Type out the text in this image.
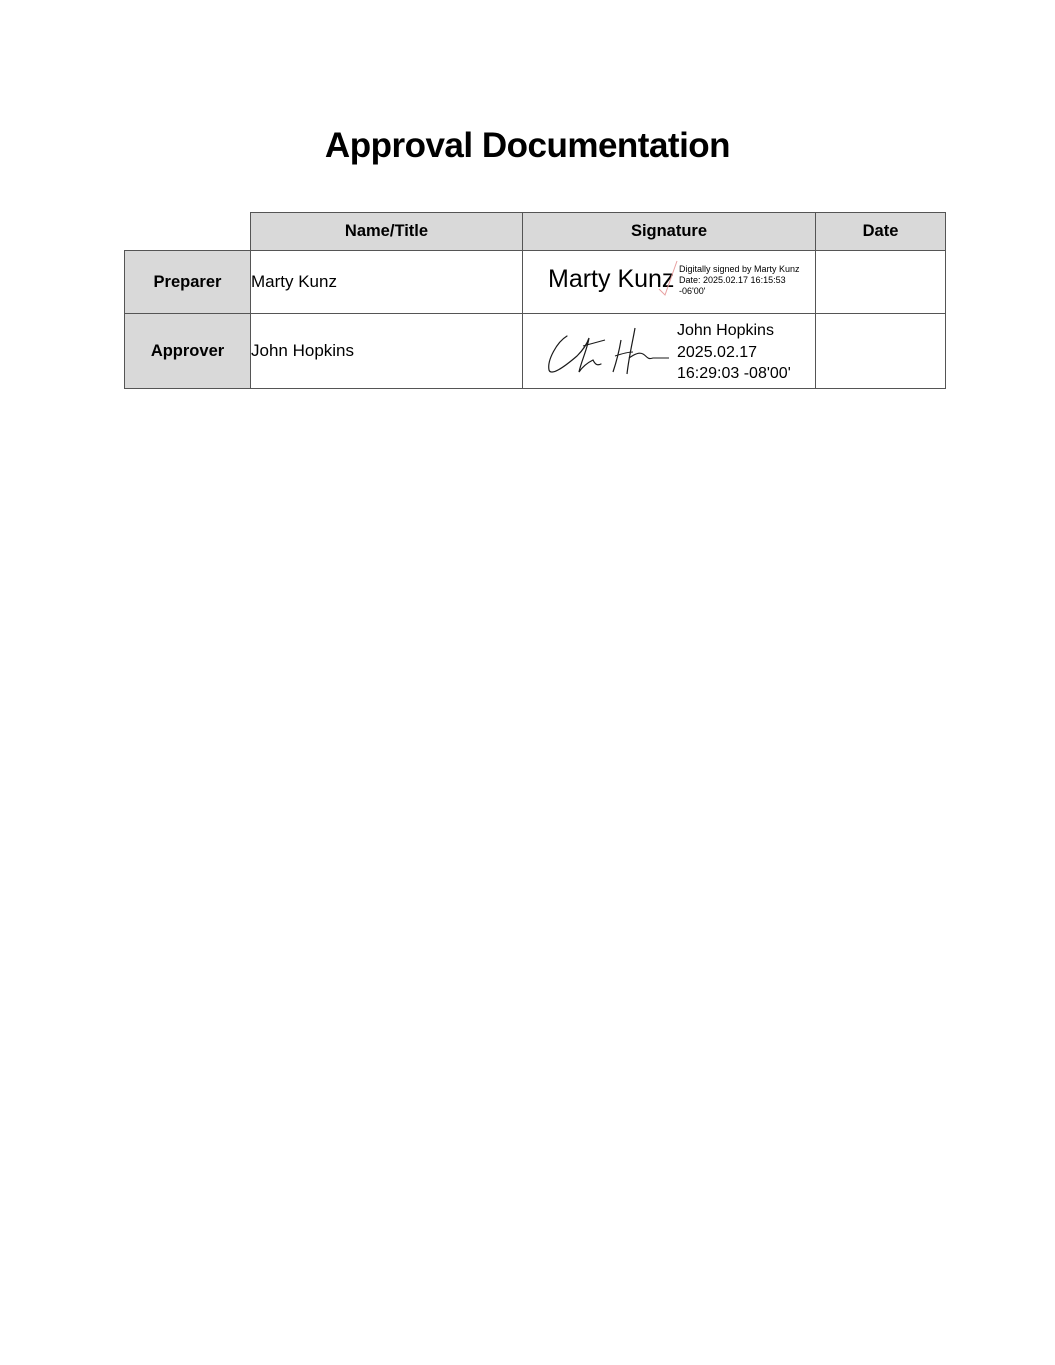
Approval Documentation
	Name/Title	Signature	Date
Preparer	Marty Kunz	Marty Kunz Digitally signed by Marty Kunz
Date: 2025.02.17 16:15:53
-06'00'	

Approver	John Hopkins	John Hopkins
2025.02.17
16:29:03 -08'00'	
